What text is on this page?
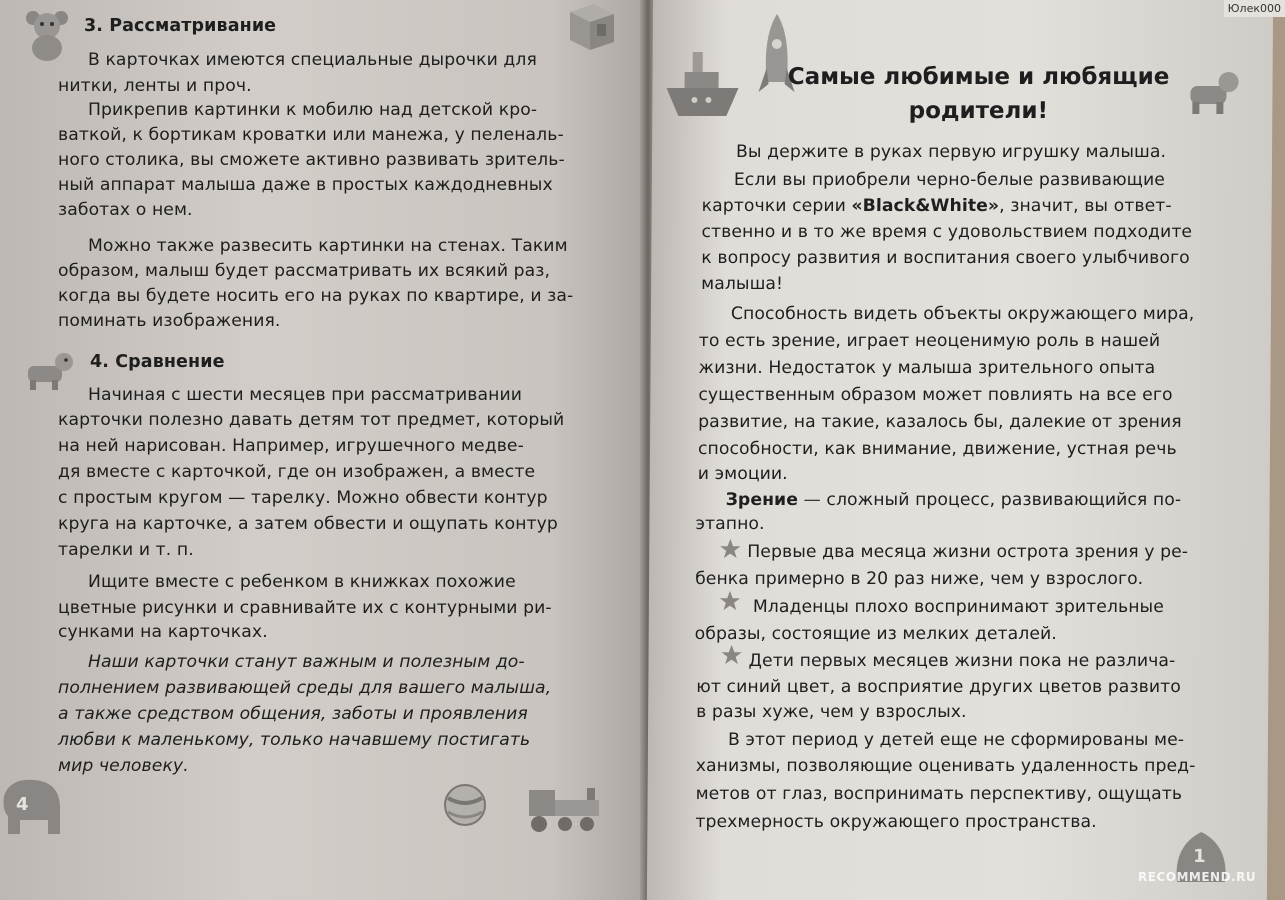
3. Рассматривание
В карточках имеются специальные дырочки для
нитки, ленты и проч.
Прикрепив картинки к мобилю над детской кро-
ваткой, к бортикам кроватки или манежа, у пеленаль-
ного столика, вы сможете активно развивать зритель-
ный аппарат малыша даже в простых каждодневных
заботах о нем.
Можно также развесить картинки на стенах. Таким
образом, малыш будет рассматривать их всякий раз,
когда вы будете носить его на руках по квартире, и за-
поминать изображения.
4. Сравнение
Начиная с шести месяцев при рассматривании
карточки полезно давать детям тот предмет, который
на ней нарисован. Например, игрушечного медве-
дя вместе с карточкой, где он изображен, а вместе
с простым кругом — тарелку. Можно обвести контур
круга на карточке, а затем обвести и ощупать контур
тарелки и т. п.
Ищите вместе с ребенком в книжках похожие
цветные рисунки и сравнивайте их с контурными ри-
сунками на карточках.
Наши карточки станут важным и полезным до-
полнением развивающей среды для вашего малыша,
а также средством общения, заботы и проявления
любви к маленькому, только начавшему постигать
мир человеку.
4
Самые любимые и любящие
родители!
Вы держите в руках первую игрушку малыша.
Если вы приобрели черно-белые развивающие
карточки серии «Black&White», значит, вы ответ-
ственно и в то же время с удовольствием подходите
к вопросу развития и воспитания своего улыбчивого
малыша!
Способность видеть объекты окружающего мира,
то есть зрение, играет неоценимую роль в нашей
жизни. Недостаток у малыша зрительного опыта
существенным образом может повлиять на все его
развитие, на такие, казалось бы, далекие от зрения
способности, как внимание, движение, устная речь
и эмоции.
Зрение — сложный процесс, развивающийся по-
этапно.
Первые два месяца жизни острота зрения у ре-
бенка примерно в 20 раз ниже, чем у взрослого.
Младенцы плохо воспринимают зрительные
образы, состоящие из мелких деталей.
Дети первых месяцев жизни пока не различа-
ют синий цвет, а восприятие других цветов развито
в разы хуже, чем у взрослых.
В этот период у детей еще не сформированы ме-
ханизмы, позволяющие оценивать удаленность пред-
метов от глаз, воспринимать перспективу, ощущать
трехмерность окружающего пространства.
1
Юлек000
RECOMMEND.RU
